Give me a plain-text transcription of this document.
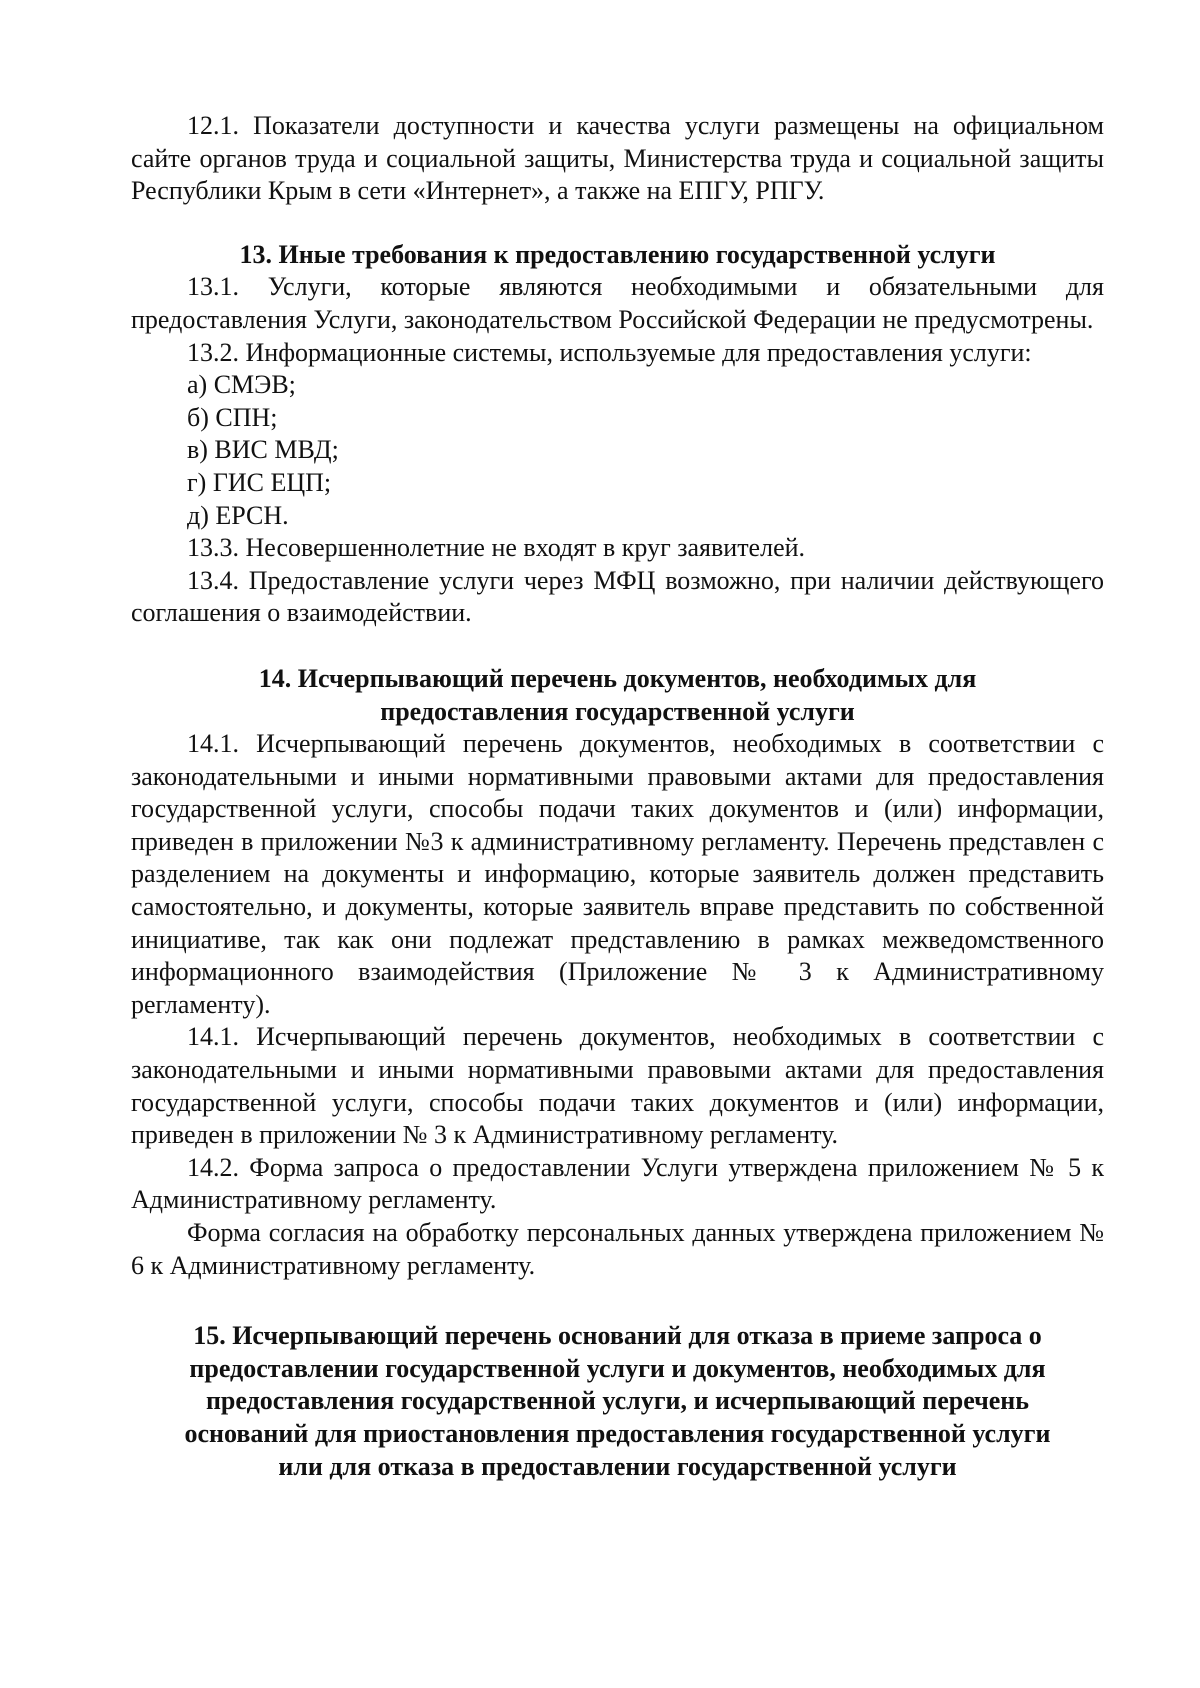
12.1. Показатели доступности и качества услуги размещены на официальном сайте органов труда и социальной защиты, Министерства труда и социальной защиты Республики Крым в сети «Интернет», а также на ЕПГУ, РПГУ.

13. Иные требования к предоставлению государственной услуги

13.1. Услуги, которые являются необходимыми и обязательными для предоставления Услуги, законодательством Российской Федерации не предусмотрены.

13.2. Информационные системы, используемые для предоставления услуги:

а) СМЭВ;

б) СПН;

в) ВИС МВД;

г) ГИС ЕЦП;

д) ЕРСН.

13.3. Несовершеннолетние не входят в круг заявителей.

13.4. Предоставление услуги через МФЦ возможно, при наличии действующего соглашения о взаимодействии.

14. Исчерпывающий перечень документов, необходимых для

предоставления государственной услуги

14.1. Исчерпывающий перечень документов, необходимых в соответствии с законодательными и иными нормативными правовыми актами для предоставления государственной услуги, способы подачи таких документов и (или) информации, приведен в приложении №3 к административному регламенту. Перечень представлен с разделением на документы и информацию, которые заявитель должен представить самостоятельно, и документы, которые заявитель вправе представить по собственной инициативе, так как они подлежат представлению в рамках межведомственного информационного взаимодействия (Приложение № 3 к Административному регламенту).

14.1. Исчерпывающий перечень документов, необходимых в соответствии с законодательными и иными нормативными правовыми актами для предоставления государственной услуги, способы подачи таких документов и (или) информации, приведен в приложении № 3 к Административному регламенту.

14.2. Форма запроса о предоставлении Услуги утверждена приложением № 5 к Административному регламенту.

Форма согласия на обработку персональных данных утверждена приложением № 6 к Административному регламенту.

15. Исчерпывающий перечень оснований для отказа в приеме запроса о

предоставлении государственной услуги и документов, необходимых для

предоставления государственной услуги, и исчерпывающий перечень

оснований для приостановления предоставления государственной услуги

или для отказа в предоставлении государственной услуги
